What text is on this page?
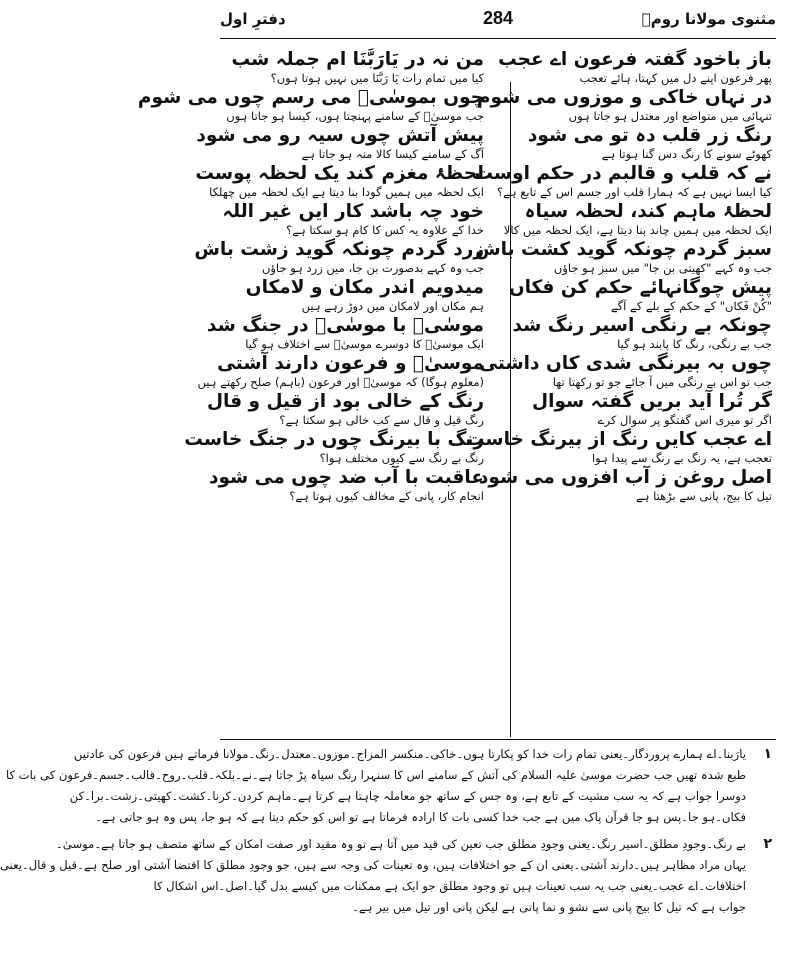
مثنوی مولانا رومؒ
284
دفترِ اول
باز باخود گفتہ فرعون اے عجب
پھر فرعون اپنے دل میں کہتا، ہائے تعجب
در نہاں خاکی و موزوں می شوم
تنہائی میں متواضع اور معتدل ہو جاتا ہوں
رنگ زر قلب دہ تو می شود
کھوٹے سونے کا رنگ دس گنا ہوتا ہے
نے کہ قلب و قالبم در حکم اوست
کیا ایسا نہیں ہے کہ ہمارا قلب اور جسم اس کے تابع ہے؟
لحظۂ ماہم کند، لحظہ سیاہ
ایک لحظہ میں ہمیں چاند بنا دیتا ہے، ایک لحظہ میں کالا
سبز گردم چونکہ گوید کشت باش
جب وہ کہے "کھیتی بن جا" میں سبز ہو جاؤں
پیش چوگانہائے حکم کن فکاں
"کُنْ فَکاں" کے حکم کے بلے کے آگے
چونکہ بے رنگی اسیر رنگ شد
جب بے رنگی، رنگ کا پابند ہو گیا
چوں بہ بیرنگی شدی کاں داشتی
جب تو اس بے رنگی میں آ جائے جو تو رکھتا تھا
گر تُرا آید بریں گفتہ سوال
اگر تو میری اس گفتگو پر سوال کرے
اے عجب کایں رنگ از بیرنگ خاست
تعجب ہے، یہ رنگ بے رنگ سے پیدا ہوا
اصل روغن ز آب افزوں می شود
تیل کا بیج، پانی سے بڑھتا ہے
من نہ در یَارَبَّنَا ام جملہ شب
کیا میں تمام رات یَا رَبَّنَا میں نہیں ہوتا ہوں؟
چوں بموسٰیؑ می رسم چوں می شوم
جب موسیٰؑ کے سامنے پہنچتا ہوں، کیسا ہو جاتا ہوں
پیش آتش چوں سیہ رو می شود
آگ کے سامنے کیسا کالا منہ ہو جاتا ہے
لحظۂ مغزم کند یک لحظہ پوست
ایک لحظہ میں ہمیں گودا بنا دیتا ہے ایک لحظہ میں چھلکا
خود چہ باشد کار ایں غیر اللہ
خدا کے علاوہ یہ کس کا کام ہو سکتا ہے؟
زرد گردم چونکہ گوید زشت باش
جب وہ کہے بدصورت بن جا، میں زرد ہو جاؤں
میدویم اندر مکان و لامکاں
ہم مکان اور لامکان میں دوڑ رہے ہیں
موسٰیؑ با موسٰیؑ در جنگ شد
ایک موسیٰؑ کا دوسرے موسیٰؑ سے اختلاف ہو گیا
موسیٰؑ و فرعون دارند آشتی
(معلوم ہوگا) کہ موسیٰؑ اور فرعون (باہم) صلح رکھتے ہیں
رنگ کے خالی بود از قیل و قال
رنگ قیل و قال سے کب خالی ہو سکتا ہے؟
رنگ با بیرنگ چوں در جنگ خاست
رنگ بے رنگ سے کیوں مختلف ہوا؟
عاقبت با آب ضد چوں می شود
انجام کار، پانی کے مخالف کیوں ہوتا ہے؟
۱
یارَبنا۔اے ہمارے پروردگار۔یعنی تمام رات خدا کو پکارتا ہوں۔خاکی۔منکسر المزاج۔موزوں۔معتدل۔رنگ۔مولانا فرماتے ہیں فرعون کی عادتیں
طبع شدہ تھیں جب حضرت موسیٰ علیہ السلام کی آتش کے سامنے اس کا سنہرا رنگ سیاہ پڑ جاتا ہے۔نے۔بلکہ۔قلب۔روح۔قالب۔جسم۔فرعون کی بات کا
دوسرا جواب ہے کہ یہ سب مشیت کے تابع ہے، وہ جس کے ساتھ جو معاملہ چاہتا ہے کرتا ہے۔ماہم کردن۔کرنا۔کشت۔کھیتی۔زشت۔برا۔کن
فکاں۔ہو جا۔پس ہو جا قرآن پاک میں ہے جب خدا کسی بات کا ارادہ فرماتا ہے تو اس کو حکم دیتا ہے کہ ہو جا، پس وہ ہو جاتی ہے۔
۲
بے رنگ۔وجودِ مطلق۔اسیر رنگ۔یعنی وجودِ مطلق جب تعین کی قید میں آتا ہے تو وہ مقید اور صفت امکان کے ساتھ متصف ہو جاتا ہے۔موسیٰ۔
یہاں مراد مظاہر ہیں۔دارند آشتی۔یعنی ان کے جو اختلافات ہیں، وہ تعینات کی وجہ سے ہیں، جو وجودِ مطلق کا اقتضا آشتی اور صلح ہے۔قیل و قال۔یعنی
اختلافات۔اے عجب۔یعنی جب یہ سب تعینات ہیں تو وجود مطلق جو ایک ہے ممکنات میں کیسے بدل گیا۔اصل۔اس اشکال کا
جواب ہے کہ تیل کا بیج پانی سے نشو و نما پاتی ہے لیکن پانی اور تیل میں بیر ہے۔
